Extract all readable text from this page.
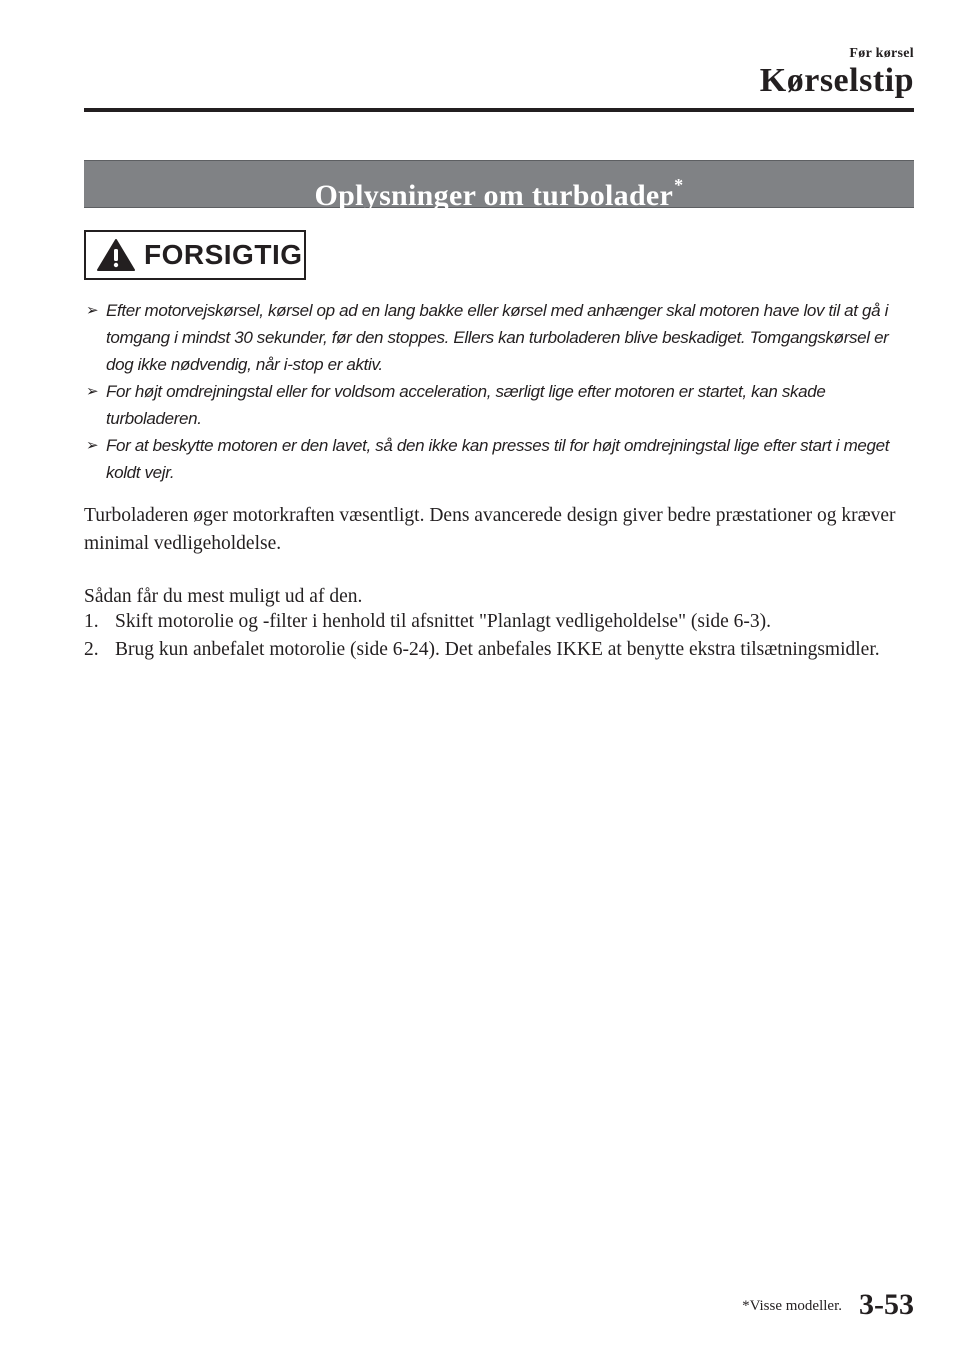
Før kørsel
Kørselstip
Oplysninger om turbolader*
FORSIGTIG
➢ Efter motorvejskørsel, kørsel op ad en lang bakke eller kørsel med anhænger skal motoren have lov til at gå i tomgang i mindst 30 sekunder, før den stoppes. Ellers kan turboladeren blive beskadiget. Tomgangskørsel er dog ikke nødvendig, når i-stop er aktiv.
➢ For højt omdrejningstal eller for voldsom acceleration, særligt lige efter motoren er startet, kan skade turboladeren.
➢ For at beskytte motoren er den lavet, så den ikke kan presses til for højt omdrejningstal lige efter start i meget koldt vejr.
Turboladeren øger motorkraften væsentligt. Dens avancerede design giver bedre præstationer og kræver minimal vedligeholdelse.
Sådan får du mest muligt ud af den.
1. Skift motorolie og -filter i henhold til afsnittet "Planlagt vedligeholdelse" (side 6-3).
2. Brug kun anbefalet motorolie (side 6-24). Det anbefales IKKE at benytte ekstra tilsætningsmidler.
*Visse modeller. 3-53
